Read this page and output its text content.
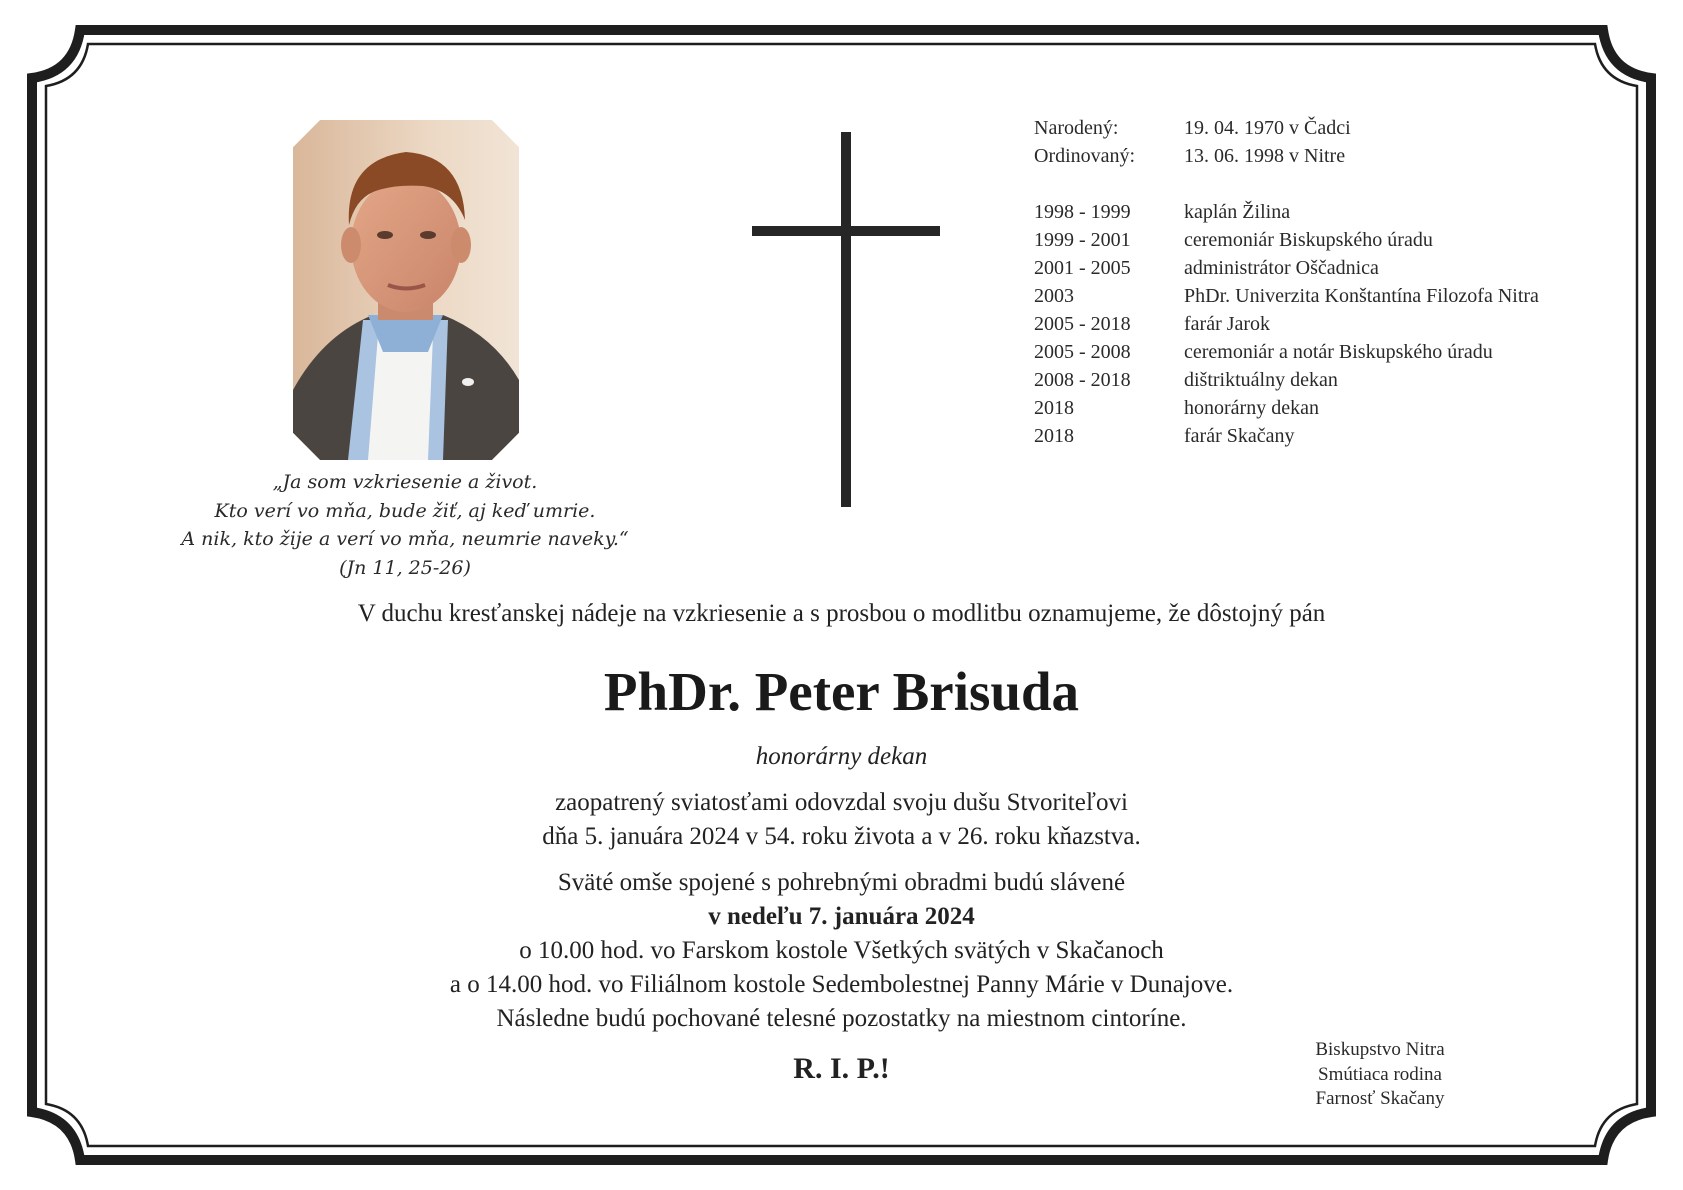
„Ja som vzkriesenie a život.
Kto verí vo mňa, bude žiť, aj keď umrie.
A nik, kto žije a verí vo mňa, neumrie naveky.“
(Jn 11, 25-26)
Narodený:	19. 04. 1970 v Čadci
Ordinovaný:	13. 06. 1998 v Nitre
1998 - 1999	kaplán Žilina
1999 - 2001	ceremoniár Biskupského úradu
2001 - 2005	administrátor Oščadnica
2003	PhDr. Univerzita Konštantína Filozofa Nitra
2005 - 2018	farár Jarok
2005 - 2008	ceremoniár a notár Biskupského úradu
2008 - 2018	dištriktuálny dekan
2018	honorárny dekan
2018	farár Skačany
V duchu kresťanskej nádeje na vzkriesenie a s prosbou o modlitbu oznamujeme, že dôstojný pán
PhDr. Peter Brisuda
honorárny dekan
zaopatrený sviatosťami odovzdal svoju dušu Stvoriteľovi
dňa 5. januára 2024 v 54. roku života a v 26. roku kňazstva.
Sväté omše spojené s pohrebnými obradmi budú slávené
v nedeľu 7. januára 2024
o 10.00 hod. vo Farskom kostole Všetkých svätých v Skačanoch
a o 14.00 hod. vo Filiálnom kostole Sedembolestnej Panny Márie v Dunajove.
Následne budú pochované telesné pozostatky na miestnom cintoríne.
R. I. P.!
Biskupstvo Nitra
Smútiaca rodina
Farnosť Skačany
